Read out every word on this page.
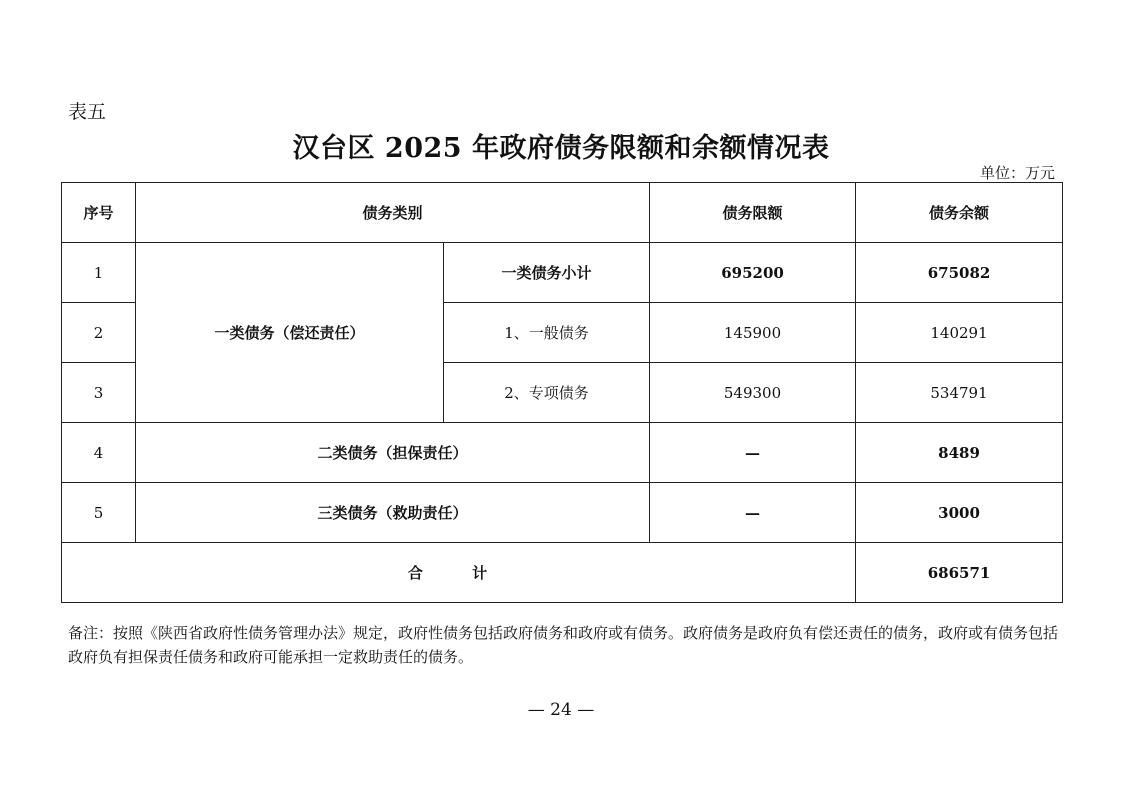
表五
汉台区 2025 年政府债务限额和余额情况表
单位：万元
序号	债务类别		债务限额	债务余额
1	一类债务（偿还责任）	一类债务小计	695200	675082
2		1、一般债务	145900	140291
3		2、专项债务	549300	534791
4	二类债务（担保责任）		—	8489
5	三类债务（救助责任）		—	3000
合 计				686571
备注：按照《陕西省政府性债务管理办法》规定，政府性债务包括政府债务和政府或有债务。政府债务是政府负有偿还责任的债务，政府或有债务包括政府负有担保责任债务和政府可能承担一定救助责任的债务。
— 24 —
